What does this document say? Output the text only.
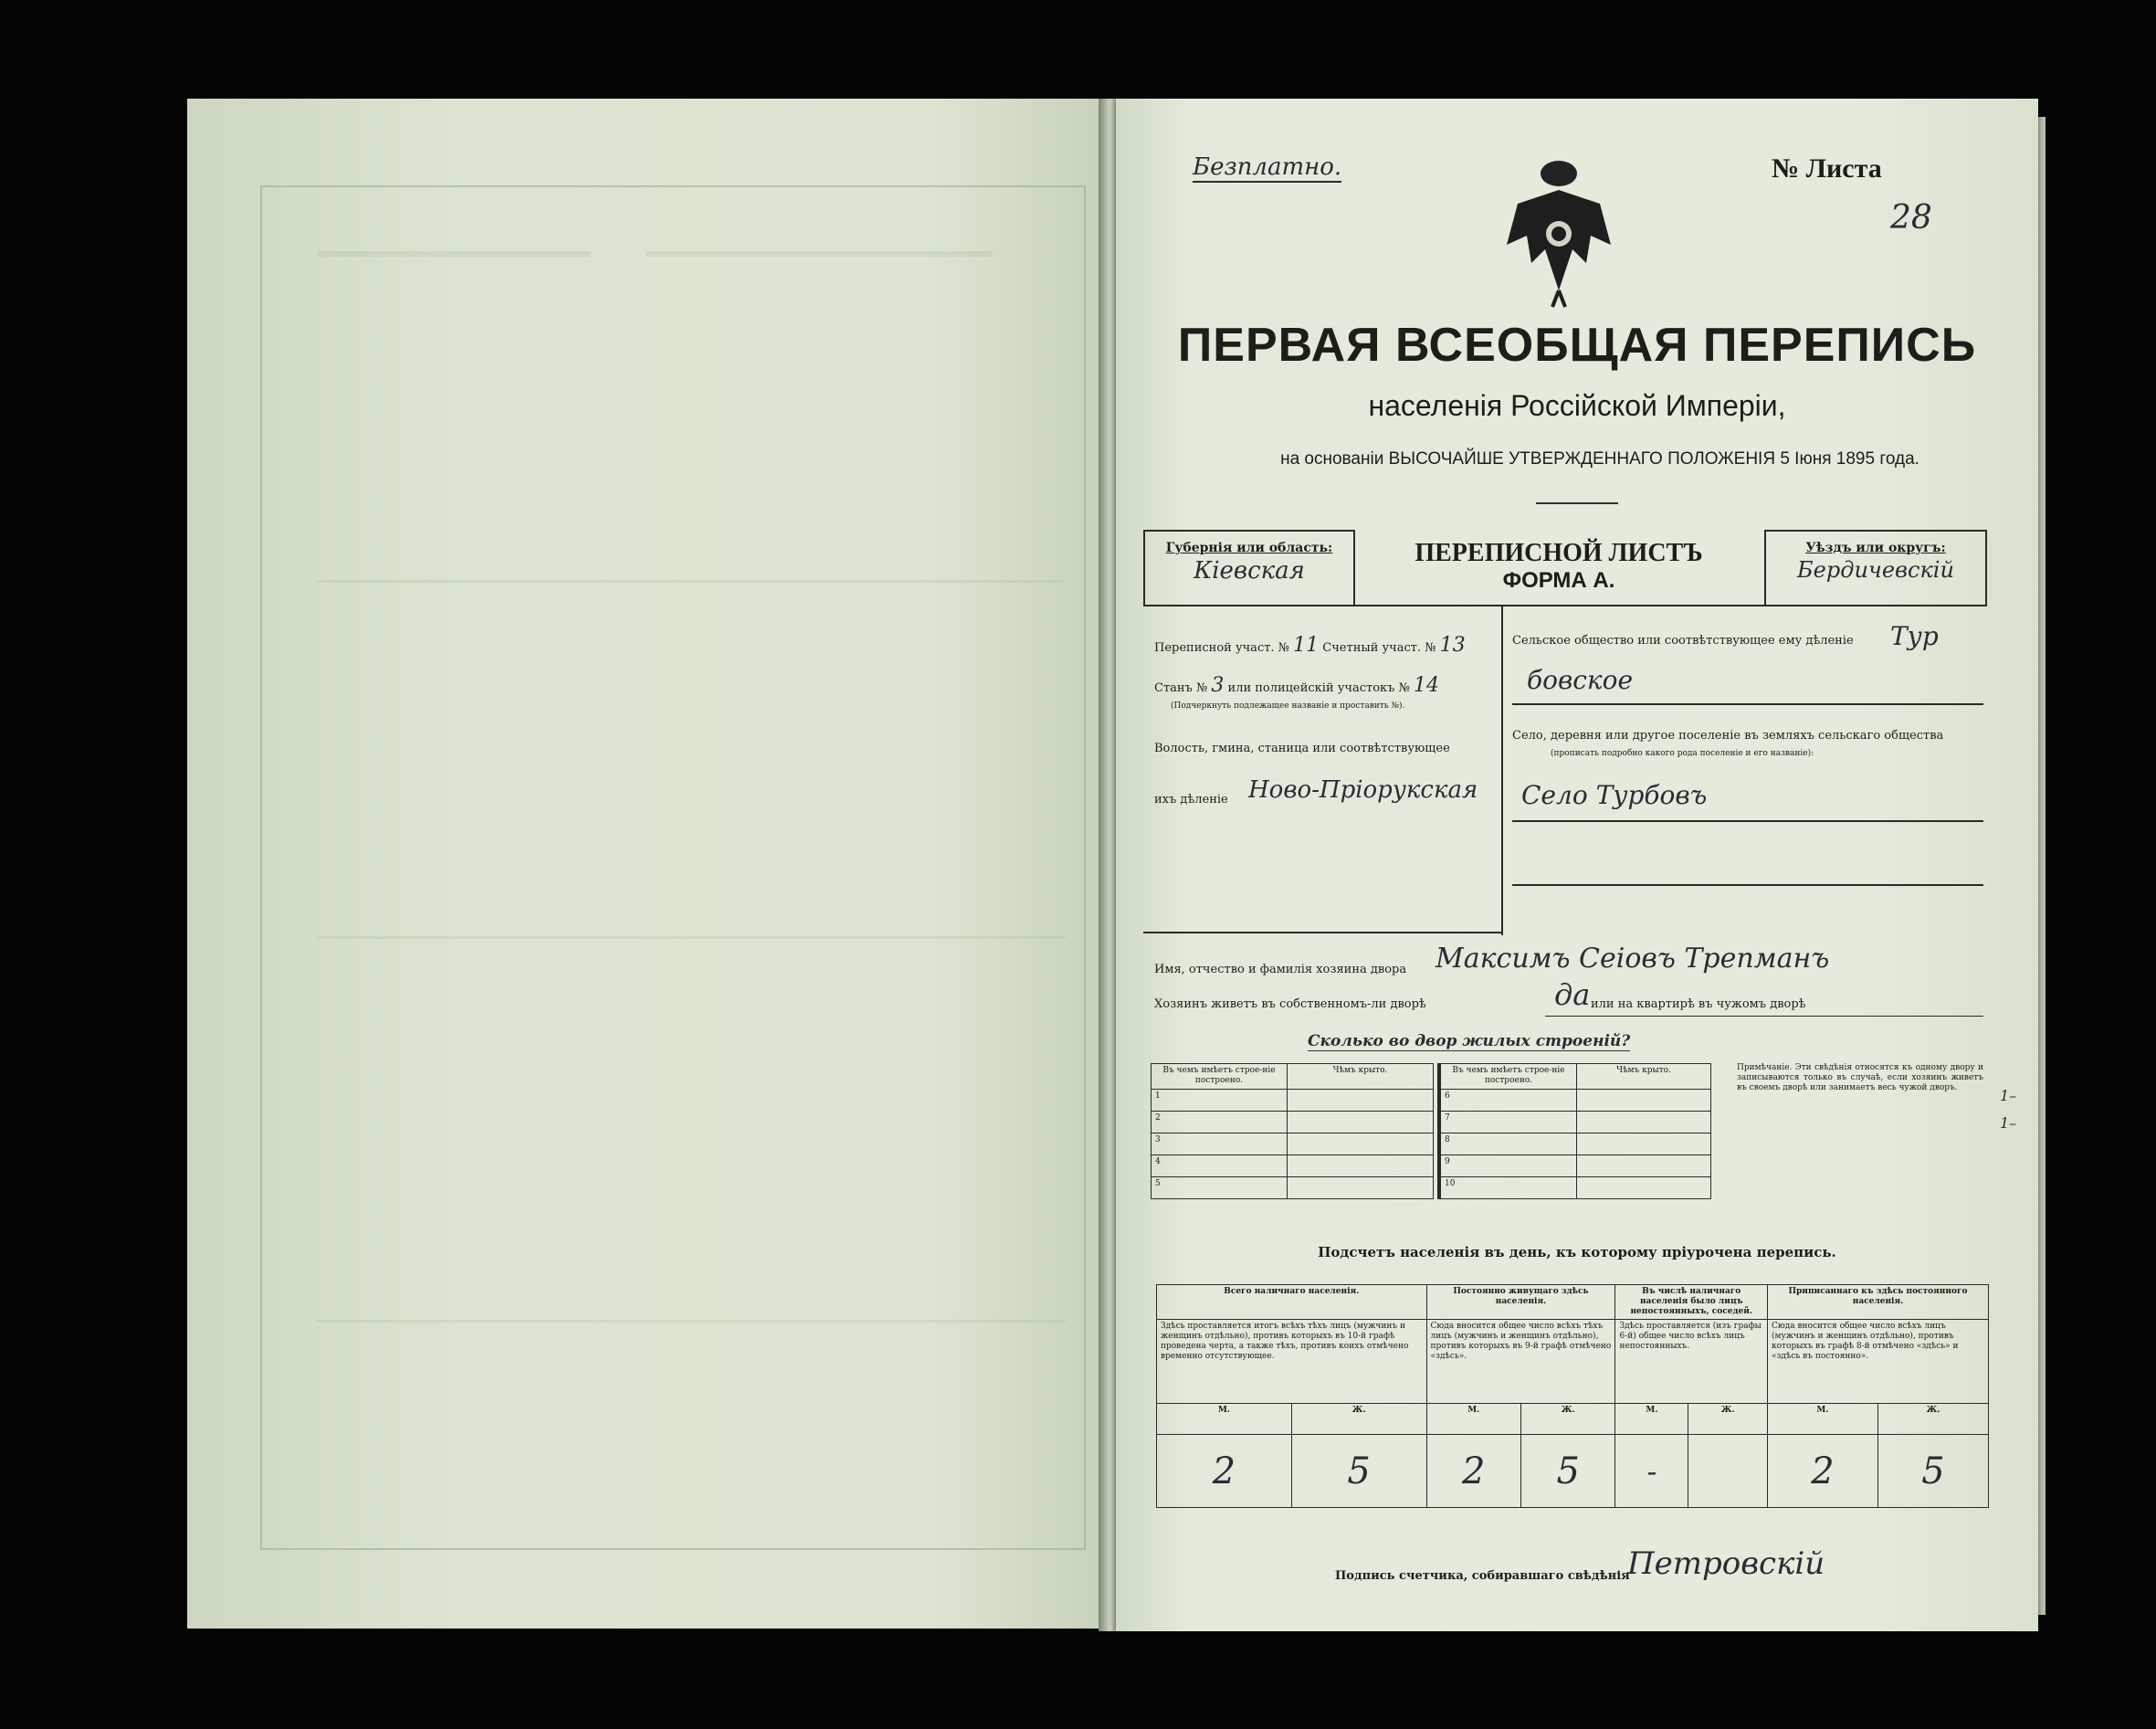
Безплатно.	№ Листа
28
ПЕРВАЯ ВСЕОБЩАЯ ПЕРЕПИСЬ
населенія Россійской Имперіи,
на основаніи ВЫСОЧАЙШЕ УТВЕРЖДЕННАГО ПОЛОЖЕНІЯ 5 Іюня 1895 года.
Губернія или область:
Кіевская
ПЕРЕПИСНОЙ ЛИСТЪ
ФОРМА А.
Уѣздъ или округъ:
Бердичевскій
Переписной участ. № 11 Счетный участ. № 13
Станъ № 3 или полицейскій участокъ № 14
(Подчеркнуть подлежащее названіе и проставить №).
Волость, гмина, станица или соотвѣтствующее
ихъ дѣленіе Ново-Пріорукская
Сельское общество или соотвѣтствующее ему дѣленіе Тур
бовское
Село, деревня или другое поселеніе въ земляхъ сельскаго общества
(прописать подробно какого рода поселеніе и его названіе):
Село Турбовъ
Имя, отчество и фамилія хозяина двора Максимъ Сеіовъ Трепманъ
Хозяинъ живетъ въ собственномъ-ли дворѣ	да или на квартирѣ въ чужомъ дворѣ
Сколько во двор жилых строеній?
Въ чемъ имѣетъ строе-ніе построено.	Чѣмъ крыто.
1	
2	
3	
4	
5	
Въ чемъ имѣетъ строе-ніе построено.	Чѣмъ крыто.
6	
7	
8	
9	
10	
Примѣчаніе. Эти свѣдѣнія относятся къ одному двору и записываются только въ случаѣ, если хозяинъ живетъ въ своемъ дворѣ или занимаетъ весь чужой дворъ.
Подсчетъ населенія въ день, къ которому пріурочена перепись.
Всего наличнаго населенія.		Постоянно живущаго здѣсь населенія.		Въ числѣ наличнаго населенія было лицъ непостоянныхъ, соседей.		Приписаннаго къ здѣсь постоянного населенія.	
Здѣсь проставляется итогъ всѣхъ тѣхъ лицъ (мужчинъ и женщинъ отдѣльно), противъ которыхъ въ 10-й графѣ проведена черта, а также тѣхъ, противъ коихъ отмѣчено временно отсутствующее.		Сюда вносится общее число всѣхъ тѣхъ лицъ (мужчинъ и женщинъ отдѣльно), противъ которыхъ въ 9-й графѣ отмѣчено «здѣсь».		Здѣсь проставляется (изъ графы 6-й) общее число всѣхъ лицъ непостоянныхъ.		Сюда вносится общее число всѣхъ лицъ (мужчинъ и женщинъ отдѣльно), противъ которыхъ въ графѣ 8-й отмѣчено «здѣсь» и «здѣсь въ постоянно».	
М.	Ж.	М.	Ж.	М.	Ж.	М.	Ж.
2	5	2	5	-		2	5
Подпись счетчика, собиравшаго свѣдѣнія
Петровскій
1–
1–
